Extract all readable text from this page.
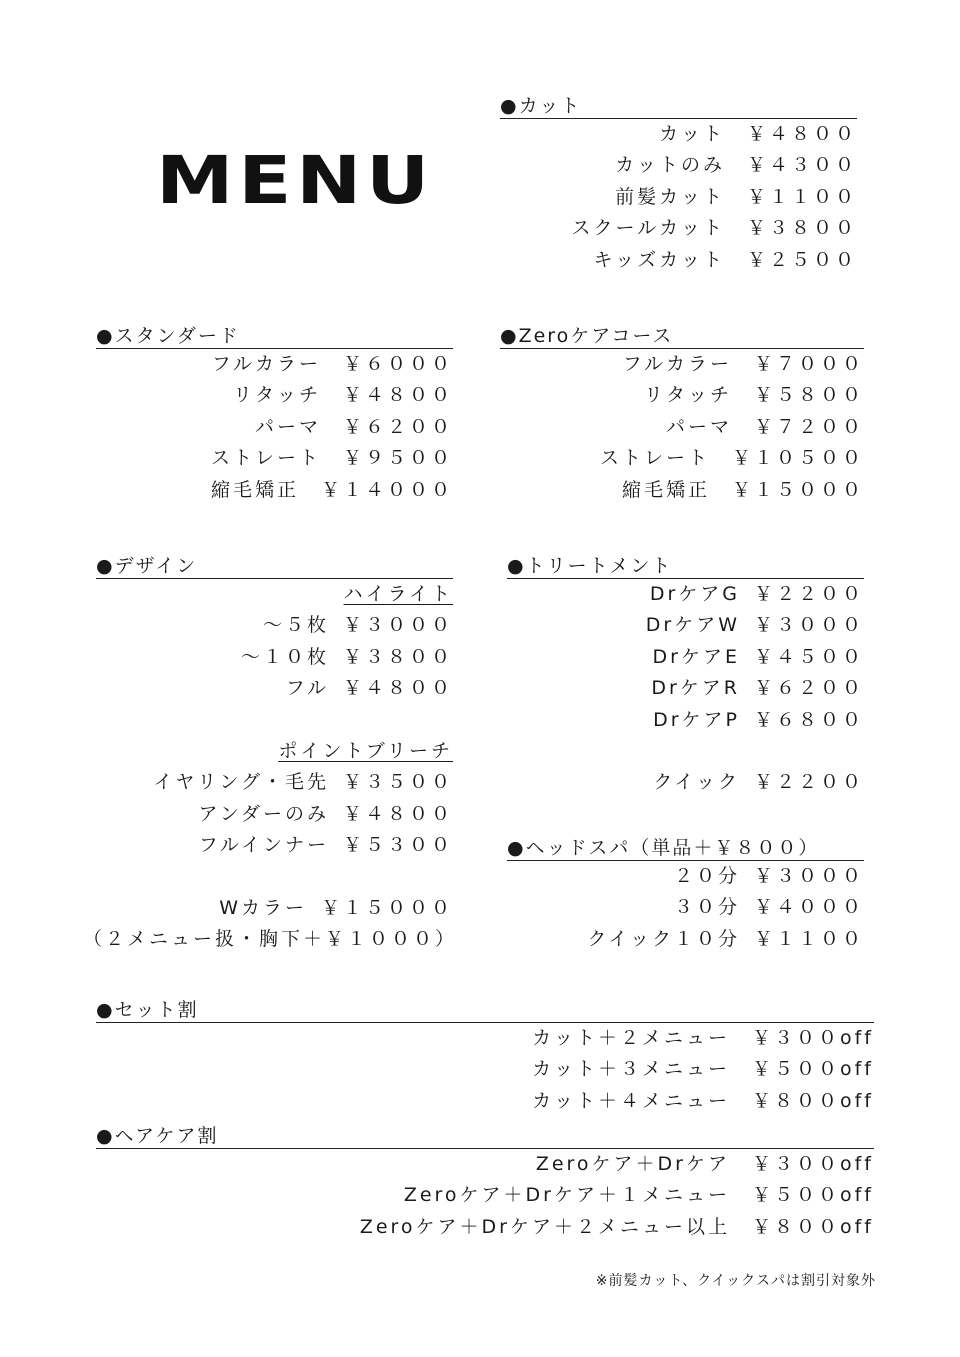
MENU
●カット
カット ￥４８００
カットのみ ￥４３００
前髪カット ￥１１００
スクールカット ￥３８００
キッズカット ￥２５００
●スタンダード
フルカラー ￥６０００
リタッチ ￥４８００
パーマ ￥６２００
ストレート ￥９５００
縮毛矯正 ￥１４０００
●Zeroケアコース
フルカラー ￥７０００
リタッチ ￥５８００
パーマ ￥７２００
ストレート ￥１０５００
縮毛矯正 ￥１５０００
●デザイン
ハイライト
～５枚 ￥３０００
～１０枚 ￥３８００
フル ￥４８００
ポイントブリーチ
イヤリング・毛先 ￥３５００
アンダーのみ ￥４８００
フルインナー ￥５３００
Wカラー ￥１５０００
（２メニュー扱・胸下＋￥１０００）
●トリートメント
DrケアG ￥２２００
DrケアW ￥３０００
DrケアE ￥４５００
DrケアR ￥６２００
DrケアP ￥６８００
クイック ￥２２００
●ヘッドスパ（単品＋￥８００）
２０分 ￥３０００
３０分 ￥４０００
クイック１０分 ￥１１００
●セット割
カット＋２メニュー ￥３００off
カット＋３メニュー ￥５００off
カット＋４メニュー ￥８００off
●ヘアケア割
Zeroケア＋Drケア ￥３００off
Zeroケア＋Drケア＋１メニュー ￥５００off
Zeroケア＋Drケア＋２メニュー以上 ￥８００off
※前髪カット、クイックスパは割引対象外
